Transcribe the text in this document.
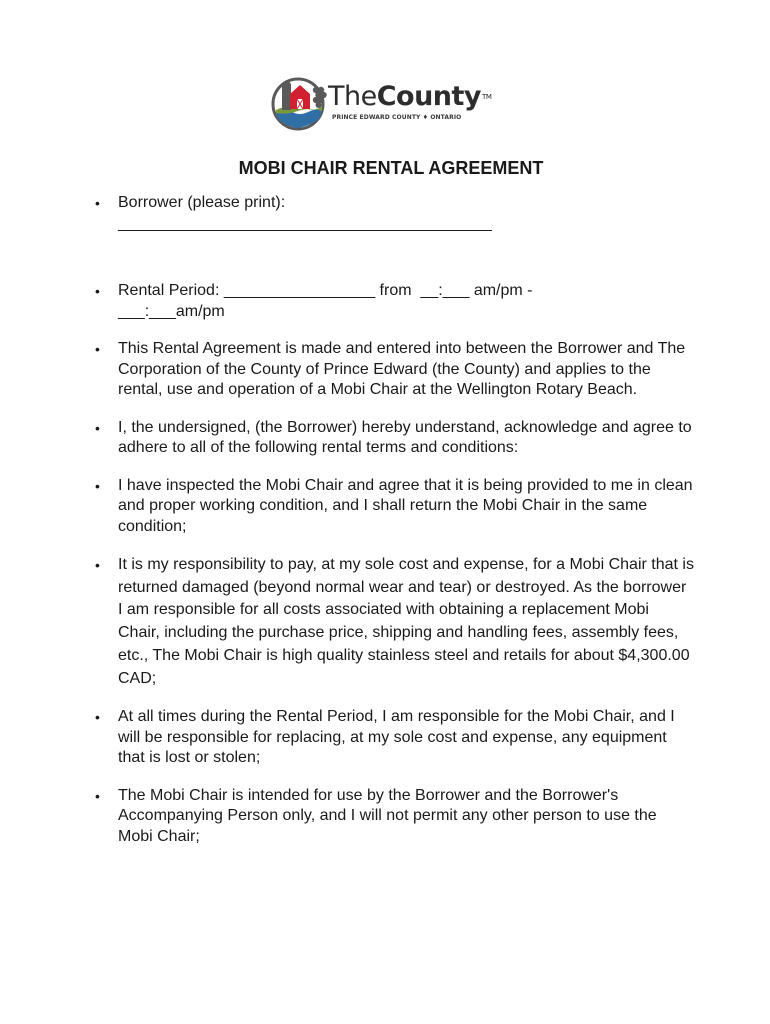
TheCounty™
PRINCE EDWARD COUNTY ♦ ONTARIO
MOBI CHAIR RENTAL AGREEMENT
• Borrower (please print):
__________________________________________
• Rental Period: _________________ from  __:___ am/pm -
___:___am/pm
• This Rental Agreement is made and entered into between the Borrower and The Corporation of the County of Prince Edward (the County) and applies to the rental, use and operation of a Mobi Chair at the Wellington Rotary Beach.
• I, the undersigned, (the Borrower) hereby understand, acknowledge and agree to adhere to all of the following rental terms and conditions:
• I have inspected the Mobi Chair and agree that it is being provided to me in clean and proper working condition, and I shall return the Mobi Chair in the same condition;
• It is my responsibility to pay, at my sole cost and expense, for a Mobi Chair that is returned damaged (beyond normal wear and tear) or destroyed. As the borrower I am responsible for all costs associated with obtaining a replacement Mobi Chair, including the purchase price, shipping and handling fees, assembly fees, etc., The Mobi Chair is high quality stainless steel and retails for about $4,300.00 CAD;
• At all times during the Rental Period, I am responsible for the Mobi Chair, and I will be responsible for replacing, at my sole cost and expense, any equipment that is lost or stolen;
• The Mobi Chair is intended for use by the Borrower and the Borrower's Accompanying Person only, and I will not permit any other person to use the Mobi Chair;
